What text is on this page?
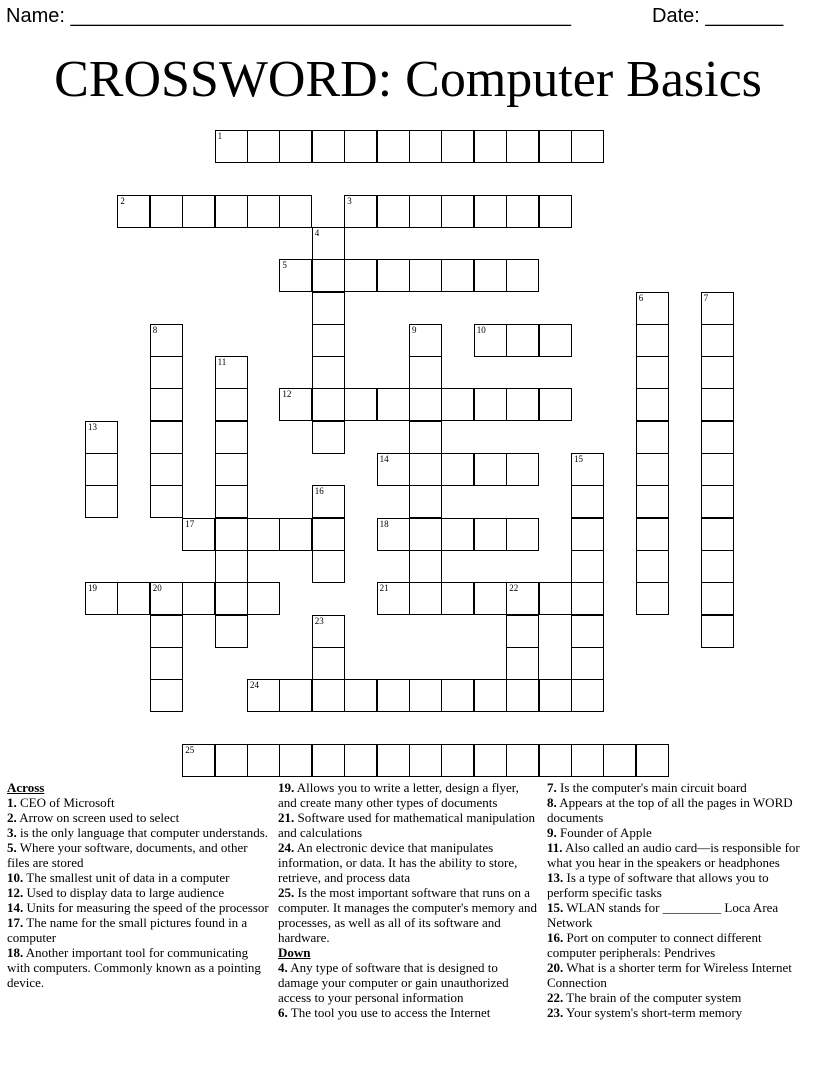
Name: _____________________________________________	Date: _______
CROSSWORD: Computer Basics
1
2	3
4
5
6	7
8	9	10
11
12
13
14	15
16
17	18
19	20	21	22
23
24
25

Across

1. CEO of Microsoft

2. Arrow on screen used to select

3. is the only language that computer understands.

5. Where your software, documents, and other files are stored

10. The smallest unit of data in a computer

12. Used to display data to large audience

14. Units for measuring the speed of the processor

17. The name for the small pictures found in a computer

18. Another important tool for communicating with computers. Commonly known as a pointing device.

19. Allows you to write a letter, design a flyer, and create many other types of documents

21. Software used for mathematical manipulation and calculations

24. An electronic device that manipulates information, or data. It has the ability to store, retrieve, and process data

25. Is the most important software that runs on a computer. It manages the computer's memory and processes, as well as all of its software and hardware.

Down

4. Any type of software that is designed to damage your computer or gain unauthorized access to your personal information

6. The tool you use to access the Internet

7. Is the computer's main circuit board

8. Appears at the top of all the pages in WORD documents

9. Founder of Apple

11. Also called an audio card—is responsible for what you hear in the speakers or headphones

13. Is a type of software that allows you to perform specific tasks

15. WLAN stands for _________ Loca Area Network

16. Port on computer to connect different computer peripherals: Pendrives

20. What is a shorter term for Wireless Internet Connection

22. The brain of the computer system

23. Your system's short-term memory
